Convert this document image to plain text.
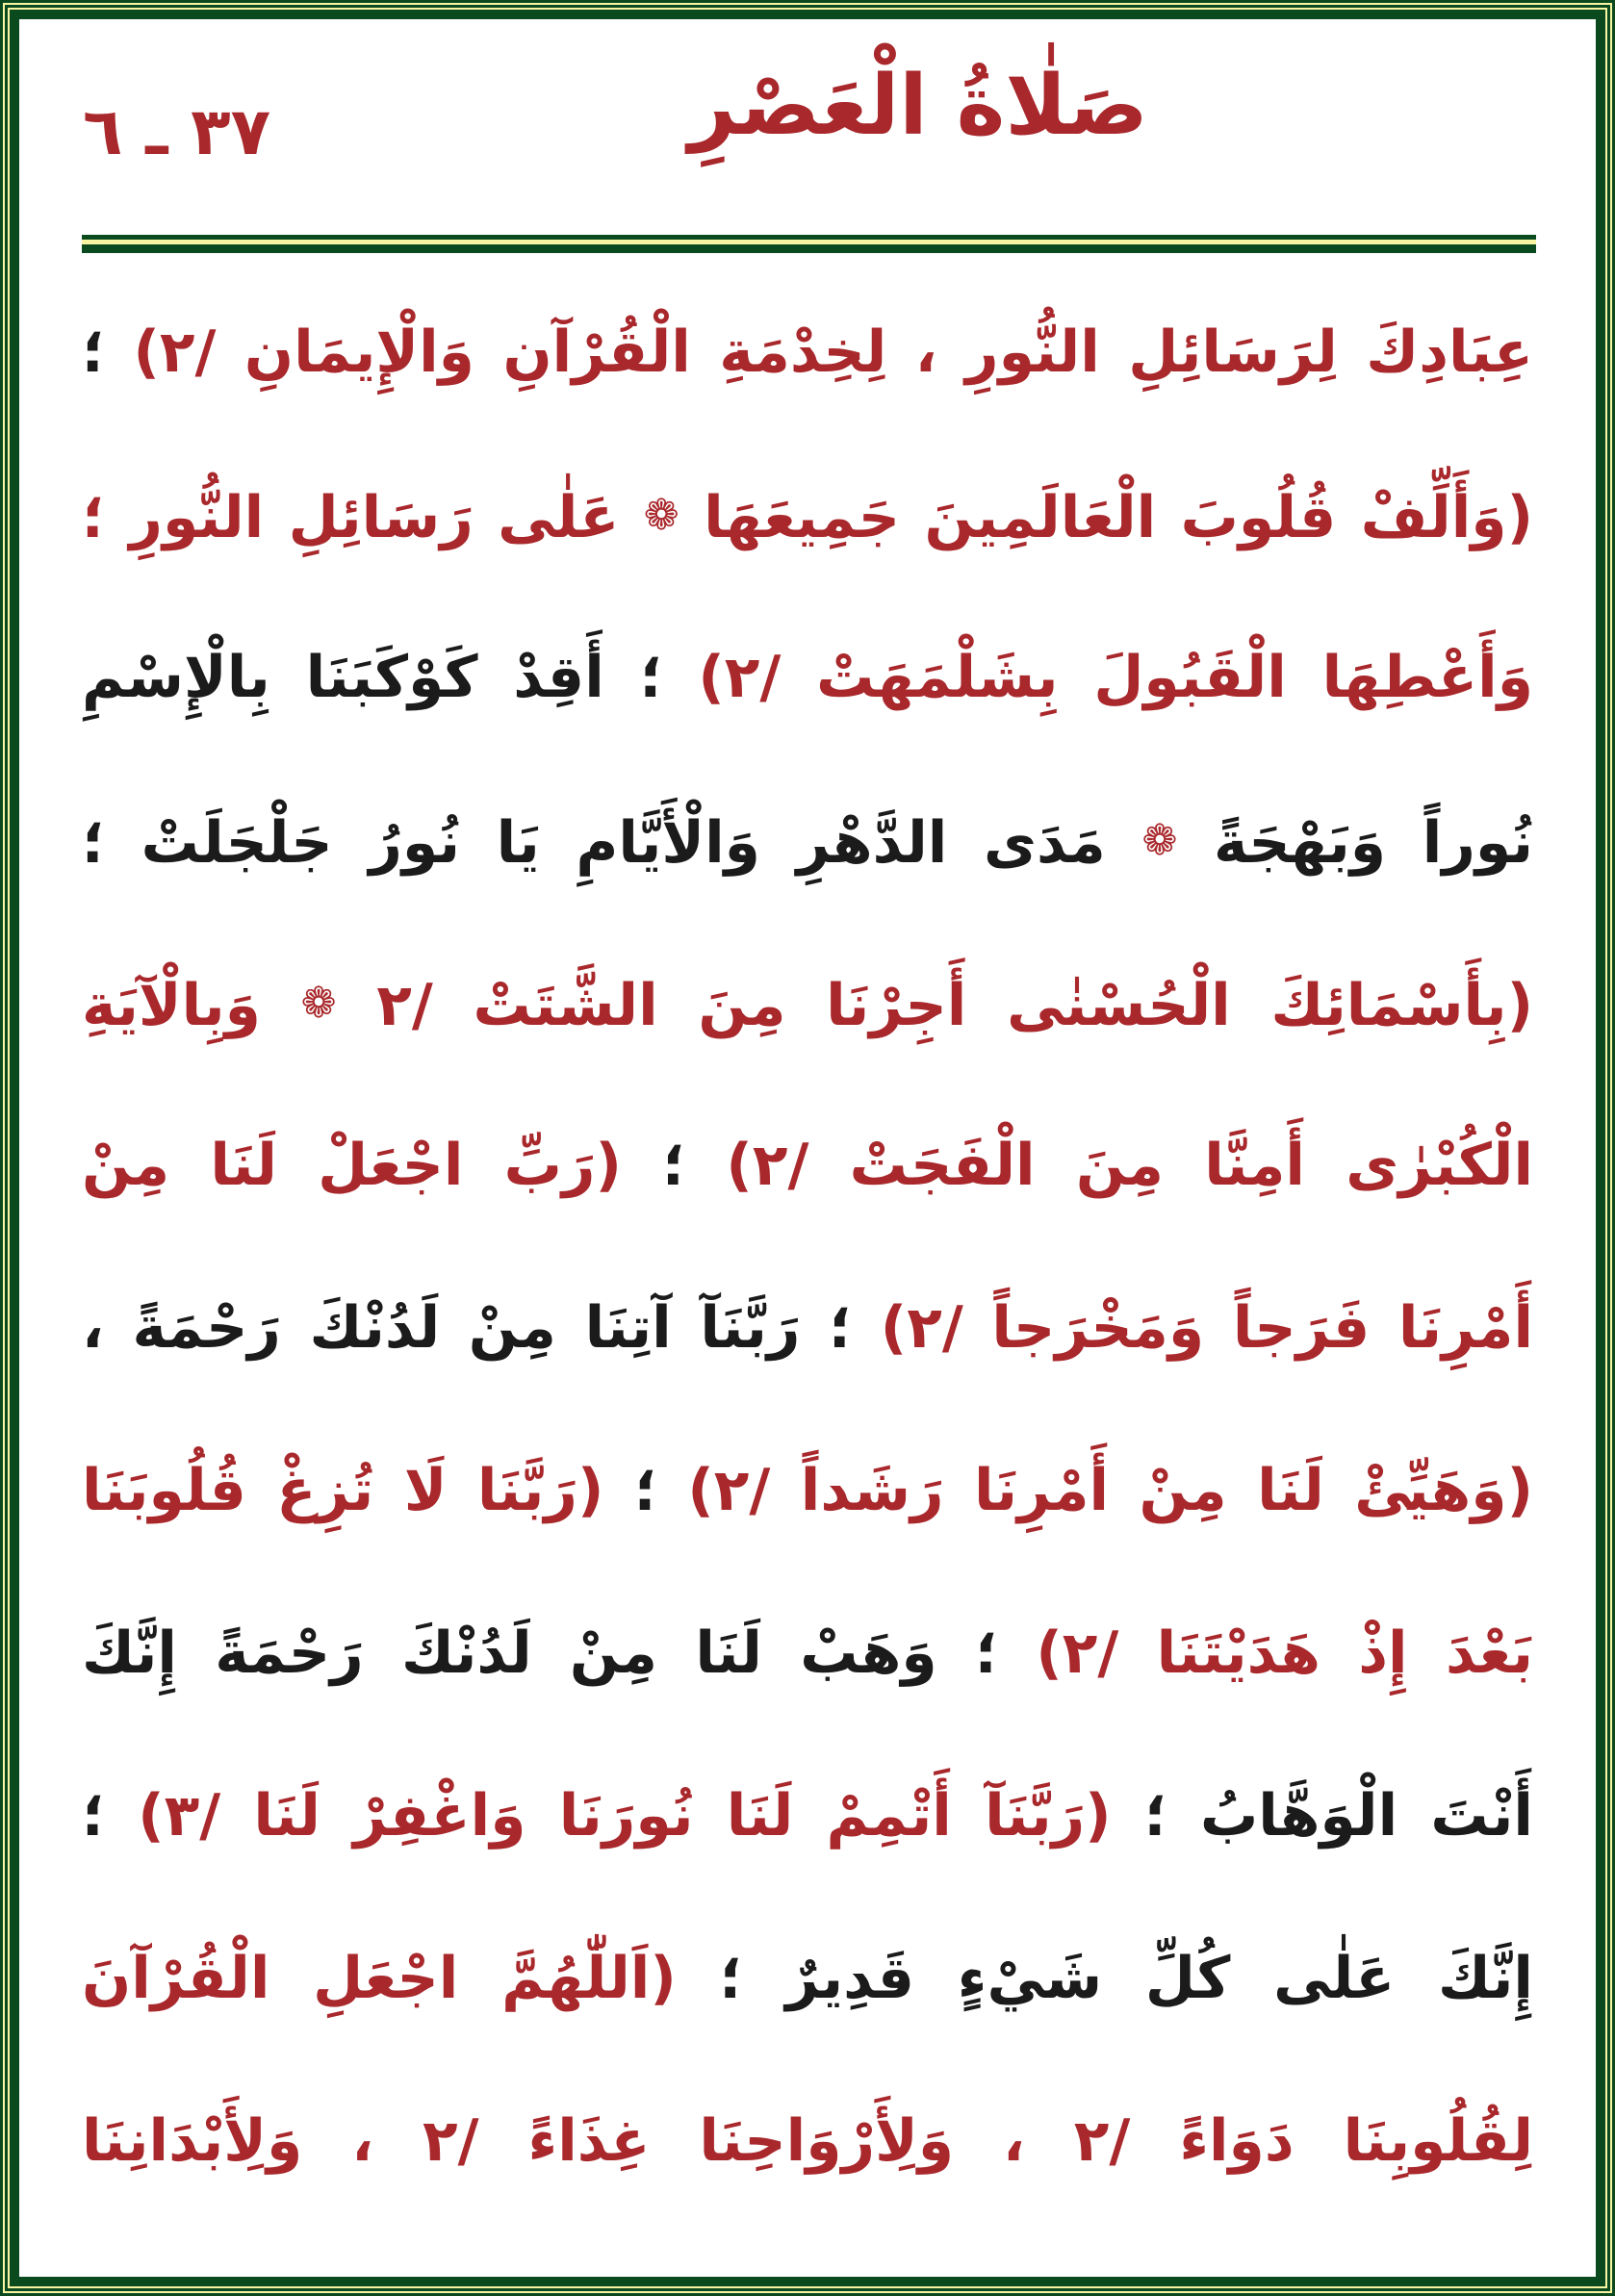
٣٧ ـ ٦	صَلٰاةُ الْعَصْرِ
عِبَادِكَ لِرَسَائِلِ النُّورِ ، لِخِدْمَةِ الْقُرْآنِ وَالْإِيمَانِ /٢) ؛
(وَأَلِّفْ قُلُوبَ الْعَالَمِينَ جَمِيعَهَا ❁ عَلٰى رَسَائِلِ النُّورِ ؛
وَأَعْطِهَا الْقَبُولَ بِشَلْمَهَتْ /٢) ؛ أَقِدْ كَوْكَبَنَا بِالْإِسْمِ
نُوراً وَبَهْجَةً ❁ مَدَى الدَّهْرِ وَالْأَيَّامِ يَا نُورُ جَلْجَلَتْ ؛
(بِأَسْمَائِكَ الْحُسْنٰى أَجِرْنَا مِنَ الشَّتَتْ /٢ ❁ وَبِالْآيَةِ
الْكُبْرٰى أَمِنَّا مِنَ الْفَجَتْ /٢) ؛ (رَبِّ اجْعَلْ لَنَا مِنْ
أَمْرِنَا فَرَجاً وَمَخْرَجاً /٢) ؛ رَبَّنَآ آتِنَا مِنْ لَدُنْكَ رَحْمَةً ،
(وَهَيِّئْ لَنَا مِنْ أَمْرِنَا رَشَداً /٢) ؛ (رَبَّنَا لَا تُزِغْ قُلُوبَنَا
بَعْدَ إِذْ هَدَيْتَنَا /٢) ؛ وَهَبْ لَنَا مِنْ لَدُنْكَ رَحْمَةً إِنَّكَ
أَنْتَ الْوَهَّابُ ؛ (رَبَّنَآ أَتْمِمْ لَنَا نُورَنَا وَاغْفِرْ لَنَا /٣) ؛
إِنَّكَ عَلٰى كُلِّ شَيْءٍ قَدِيرٌ ؛ (اَللّٰهُمَّ اجْعَلِ الْقُرْآنَ
لِقُلُوبِنَا دَوَاءً /٢ ، وَلِأَرْوَاحِنَا غِذَاءً /٢ ، وَلِأَبْدَانِنَا
